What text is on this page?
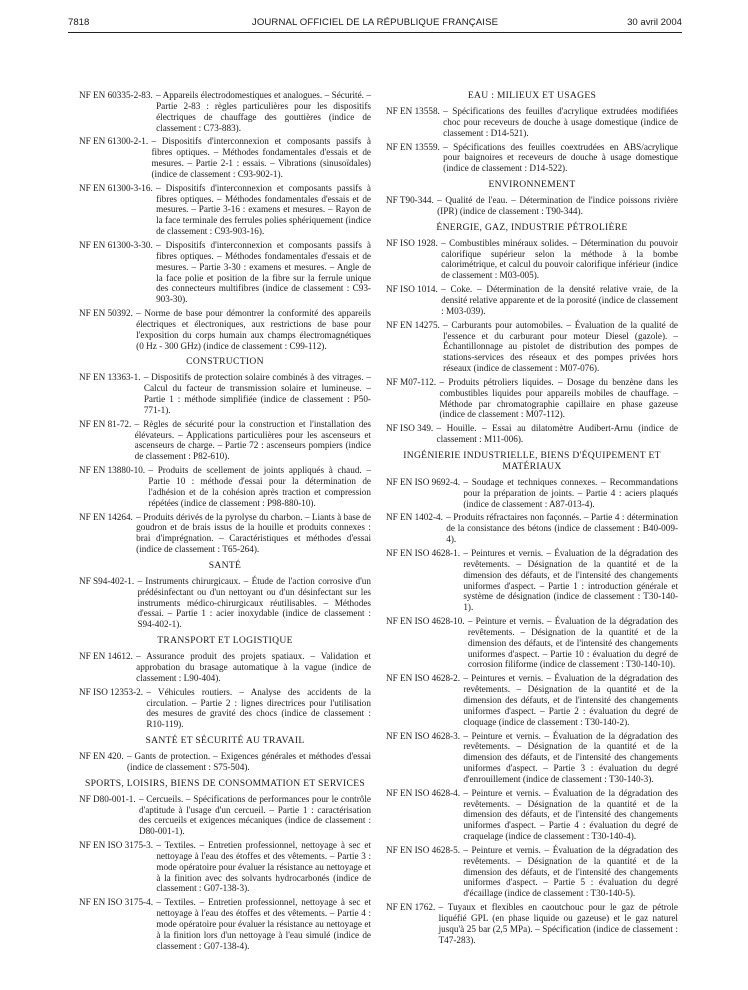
7818	JOURNAL OFFICIEL DE LA RÉPUBLIQUE FRANÇAISE	30 avril 2004
NF EN 60335-2-83. – Appareils électrodomestiques et analogues. – Sécurité. – Partie 2-83 : règles particulières pour les dispositifs électriques de chauffage des gouttières (indice de classement : C73-883).
NF EN 61300-2-1. – Dispositifs d'interconnexion et composants passifs à fibres optiques. – Méthodes fondamentales d'essais et de mesures. – Partie 2-1 : essais. – Vibrations (sinusoïdales) (indice de classement : C93-902-1).
NF EN 61300-3-16. – Dispositifs d'interconnexion et composants passifs à fibres optiques. – Méthodes fondamentales d'essais et de mesures. – Partie 3-16 : examens et mesures. – Rayon de la face terminale des ferrules polies sphériquement (indice de classement : C93-903-16).
NF EN 61300-3-30. – Dispositifs d'interconnexion et composants passifs à fibres optiques. – Méthodes fondamentales d'essais et de mesures. – Partie 3-30 : examens et mesures. – Angle de la face polie et position de la fibre sur la ferrule unique des connecteurs multifibres (indice de classement : C93-903-30).
NF EN 50392. – Norme de base pour démontrer la conformité des appareils électriques et électroniques, aux restrictions de base pour l'exposition du corps humain aux champs électromagnétiques (0 Hz - 300 GHz) (indice de classement : C99-112).
CONSTRUCTION
NF EN 13363-1. – Dispositifs de protection solaire combinés à des vitrages. – Calcul du facteur de transmission solaire et lumineuse. – Partie 1 : méthode simplifiée (indice de classement : P50-771-1).
NF EN 81-72. – Règles de sécurité pour la construction et l'installation des élévateurs. – Applications particulières pour les ascenseurs et ascenseurs de charge. – Partie 72 : ascenseurs pompiers (indice de classement : P82-610).
NF EN 13880-10. – Produits de scellement de joints appliqués à chaud. – Partie 10 : méthode d'essai pour la détermination de l'adhésion et de la cohésion après traction et compression répétées (indice de classement : P98-880-10).
NF EN 14264. – Produits dérivés de la pyrolyse du charbon. – Liants à base de goudron et de brais issus de la houille et produits connexes : brai d'imprégnation. – Caractéristiques et méthodes d'essai (indice de classement : T65-264).
SANTÉ
NF S94-402-1. – Instruments chirurgicaux. – Étude de l'action corrosive d'un prédésinfectant ou d'un nettoyant ou d'un désinfectant sur les instruments médico-chirurgicaux réutilisables. – Méthodes d'essai. – Partie 1 : acier inoxydable (indice de classement : S94-402-1).
TRANSPORT ET LOGISTIQUE
NF EN 14612. – Assurance produit des projets spatiaux. – Validation et approbation du brasage automatique à la vague (indice de classement : L90-404).
NF ISO 12353-2. – Véhicules routiers. – Analyse des accidents de la circulation. – Partie 2 : lignes directrices pour l'utilisation des mesures de gravité des chocs (indice de classement : R10-119).
SANTÉ ET SÉCURITÉ AU TRAVAIL
NF EN 420. – Gants de protection. – Exigences générales et méthodes d'essai (indice de classement : S75-504).
SPORTS, LOISIRS, BIENS DE CONSOMMATION ET SERVICES
NF D80-001-1. – Cercueils. – Spécifications de performances pour le contrôle d'aptitude à l'usage d'un cercueil. – Partie 1 : caractérisation des cercueils et exigences mécaniques (indice de classement : D80-001-1).
NF EN ISO 3175-3. – Textiles. – Entretien professionnel, nettoyage à sec et nettoyage à l'eau des étoffes et des vêtements. – Partie 3 : mode opératoire pour évaluer la résistance au nettoyage et à la finition avec des solvants hydrocarbonés (indice de classement : G07-138-3).
NF EN ISO 3175-4. – Textiles. – Entretien professionnel, nettoyage à sec et nettoyage à l'eau des étoffes et des vêtements. – Partie 4 : mode opératoire pour évaluer la résistance au nettoyage et à la finition lors d'un nettoyage à l'eau simulé (indice de classement : G07-138-4).
EAU : MILIEUX ET USAGES
NF EN 13558. – Spécifications des feuilles d'acrylique extrudées modifiées choc pour receveurs de douche à usage domestique (indice de classement : D14-521).
NF EN 13559. – Spécifications des feuilles coextrudées en ABS/acrylique pour baignoires et receveurs de douche à usage domestique (indice de classement : D14-522).
ENVIRONNEMENT
NF T90-344. – Qualité de l'eau. – Détermination de l'indice poissons rivière (IPR) (indice de classement : T90-344).
ÉNERGIE, GAZ, INDUSTRIE PÉTROLIÈRE
NF ISO 1928. – Combustibles minéraux solides. – Détermination du pouvoir calorifique supérieur selon la méthode à la bombe calorimétrique, et calcul du pouvoir calorifique inférieur (indice de classement : M03-005).
NF ISO 1014. – Coke. – Détermination de la densité relative vraie, de la densité relative apparente et de la porosité (indice de classement : M03-039).
NF EN 14275. – Carburants pour automobiles. – Évaluation de la qualité de l'essence et du carburant pour moteur Diesel (gazole). – Échantillonnage au pistolet de distribution des pompes de stations-services des réseaux et des pompes privées hors réseaux (indice de classement : M07-076).
NF M07-112. – Produits pétroliers liquides. – Dosage du benzène dans les combustibles liquides pour appareils mobiles de chauffage. – Méthode par chromatographie capillaire en phase gazeuse (indice de classement : M07-112).
NF ISO 349. – Houille. – Essai au dilatomètre Audibert-Arnu (indice de classement : M11-006).
INGÉNIERIE INDUSTRIELLE, BIENS D'ÉQUIPEMENT ET MATÉRIAUX
NF EN ISO 9692-4. – Soudage et techniques connexes. – Recommandations pour la préparation de joints. – Partie 4 : aciers plaqués (indice de classement : A87-013-4).
NF EN 1402-4. – Produits réfractaires non façonnés. – Partie 4 : détermination de la consistance des bétons (indice de classement : B40-009-4).
NF EN ISO 4628-1. – Peintures et vernis. – Évaluation de la dégradation des revêtements. – Désignation de la quantité et de la dimension des défauts, et de l'intensité des changements uniformes d'aspect. – Partie 1 : introduction générale et système de désignation (indice de classement : T30-140-1).
NF EN ISO 4628-10. – Peinture et vernis. – Évaluation de la dégradation des revêtements. – Désignation de la quantité et de la dimension des défauts, et de l'intensité des changements uniformes d'aspect. – Partie 10 : évaluation du degré de corrosion filiforme (indice de classement : T30-140-10).
NF EN ISO 4628-2. – Peintures et vernis. – Évaluation de la dégradation des revêtements. – Désignation de la quantité et de la dimension des défauts, et de l'intensité des changements uniformes d'aspect. – Partie 2 : évaluation du degré de cloquage (indice de classement : T30-140-2).
NF EN ISO 4628-3. – Peinture et vernis. – Évaluation de la dégradation des revêtements. – Désignation de la quantité et de la dimension des défauts, et de l'intensité des changements uniformes d'aspect. – Partie 3 : évaluation du degré d'enrouillement (indice de classement : T30-140-3).
NF EN ISO 4628-4. – Peinture et vernis. – Évaluation de la dégradation des revêtements. – Désignation de la quantité et de la dimension des défauts, et de l'intensité des changements uniformes d'aspect. – Partie 4 : évaluation du degré de craquelage (indice de classement : T30-140-4).
NF EN ISO 4628-5. – Peinture et vernis. – Évaluation de la dégradation des revêtements. – Désignation de la quantité et de la dimension des défauts, et de l'intensité des changements uniformes d'aspect. – Partie 5 : évaluation du degré d'écaillage (indice de classement : T30-140-5).
NF EN 1762. – Tuyaux et flexibles en caoutchouc pour le gaz de pétrole liquéfié GPL (en phase liquide ou gazeuse) et le gaz naturel jusqu'à 25 bar (2,5 MPa). – Spécification (indice de classement : T47-283).
